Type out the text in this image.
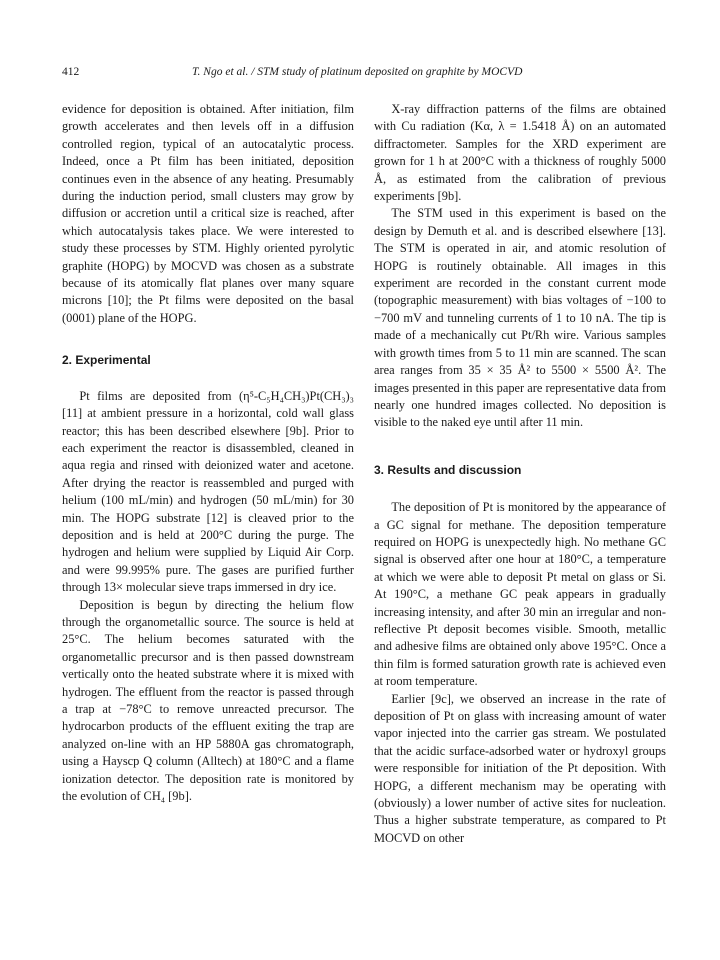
412	T. Ngo et al. / STM study of platinum deposited on graphite by MOCVD

evidence for deposition is obtained. After initiation, film growth accelerates and then levels off in a diffusion controlled region, typical of an autocatalytic process. Indeed, once a Pt film has been initiated, deposition continues even in the absence of any heating. Presumably during the induction period, small clusters may grow by diffusion or accretion until a critical size is reached, after which autocatalysis takes place. We were interested to study these processes by STM. Highly oriented pyrolytic graphite (HOPG) by MOCVD was chosen as a substrate because of its atomically flat planes over many square microns [10]; the Pt films were deposited on the basal (0001) plane of the HOPG.

2. Experimental

Pt films are deposited from (η⁵-C₅H₄CH₃)Pt(CH₃)₃ [11] at ambient pressure in a horizontal, cold wall glass reactor; this has been described elsewhere [9b]. Prior to each experiment the reactor is disassembled, cleaned in aqua regia and rinsed with deionized water and acetone. After drying the reactor is reassembled and purged with helium (100 mL/min) and hydrogen (50 mL/min) for 30 min. The HOPG substrate [12] is cleaved prior to the deposition and is held at 200°C during the purge. The hydrogen and helium were supplied by Liquid Air Corp. and were 99.995% pure. The gases are purified further through 13× molecular sieve traps immersed in dry ice.

Deposition is begun by directing the helium flow through the organometallic source. The source is held at 25°C. The helium becomes saturated with the organometallic precursor and is then passed downstream vertically onto the heated substrate where it is mixed with hydrogen. The effluent from the reactor is passed through a trap at −78°C to remove unreacted precursor. The hydrocarbon products of the effluent exiting the trap are analyzed on-line with an HP 5880A gas chromatograph, using a Hayscp Q column (Alltech) at 180°C and a flame ionization detector. The deposition rate is monitored by the evolution of CH₄ [9b].

X-ray diffraction patterns of the films are obtained with Cu radiation (Kα, λ = 1.5418 Å) on an automated diffractometer. Samples for the XRD experiment are grown for 1 h at 200°C with a thickness of roughly 5000 Å, as estimated from the calibration of previous experiments [9b].

The STM used in this experiment is based on the design by Demuth et al. and is described elsewhere [13]. The STM is operated in air, and atomic resolution of HOPG is routinely obtainable. All images in this experiment are recorded in the constant current mode (topographic measurement) with bias voltages of −100 to −700 mV and tunneling currents of 1 to 10 nA. The tip is made of a mechanically cut Pt/Rh wire. Various samples with growth times from 5 to 11 min are scanned. The scan area ranges from 35 × 35 Å² to 5500 × 5500 Å². The images presented in this paper are representative data from nearly one hundred images collected. No deposition is visible to the naked eye until after 11 min.

3. Results and discussion

The deposition of Pt is monitored by the appearance of a GC signal for methane. The deposition temperature required on HOPG is unexpectedly high. No methane GC signal is observed after one hour at 180°C, a temperature at which we were able to deposit Pt metal on glass or Si. At 190°C, a methane GC peak appears in gradually increasing intensity, and after 30 min an irregular and non-reflective Pt deposit becomes visible. Smooth, metallic and adhesive films are obtained only above 195°C. Once a thin film is formed saturation growth rate is achieved even at room temperature.

Earlier [9c], we observed an increase in the rate of deposition of Pt on glass with increasing amount of water vapor injected into the carrier gas stream. We postulated that the acidic surface-adsorbed water or hydroxyl groups were responsible for initiation of the Pt deposition. With HOPG, a different mechanism may be operating with (obviously) a lower number of active sites for nucleation. Thus a higher substrate temperature, as compared to Pt MOCVD on other
